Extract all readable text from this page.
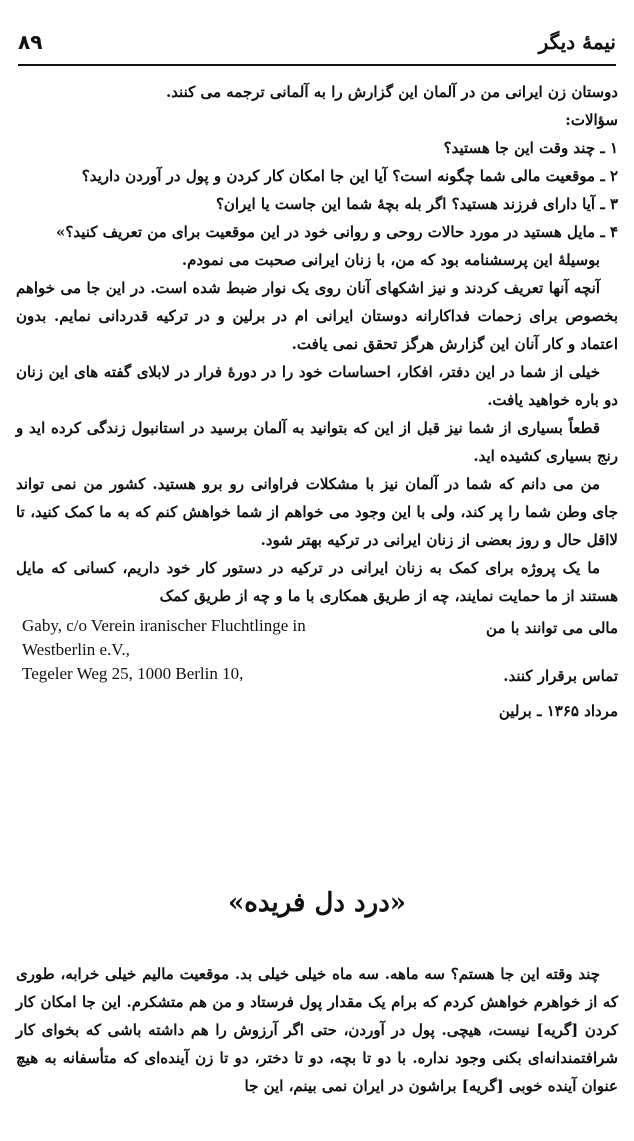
۸۹	نیمهٔ دیگر

دوستان زن ایرانی من در آلمان این گزارش را به آلمانی ترجمه می کنند.

سؤالات:

۱ ـ چند وقت این جا هستید؟

۲ ـ موقعیت مالی شما چگونه است؟ آیا این جا امکان کار کردن و پول در آوردن دارید؟

۳ ـ آیا دارای فرزند هستید؟ اگر بله بچهٔ شما این جاست یا ایران؟

۴ ـ مایل هستید در مورد حالات روحی و روانی خود در این موقعیت برای من تعریف کنید؟»

بوسیلهٔ این پرسشنامه بود که من، با زنان ایرانی صحبت می نمودم.

آنچه آنها تعریف کردند و نیز اشکهای آنان روی یک نوار ضبط شده است. در این جا می خواهم بخصوص برای زحمات فداکارانه دوستان ایرانی ام در برلین و در ترکیه قدردانی نمایم. بدون اعتماد و کار آنان این گزارش هرگز تحقق نمی یافت.

خیلی از شما در این دفتر، افکار، احساسات خود را در دورهٔ فرار در لابلای گفته های این زنان دو باره خواهید یافت.

قطعاً بسیاری از شما نیز قبل از این که بتوانید به آلمان برسید در استانبول زندگی کرده اید و رنج بسیاری کشیده اید.

من می دانم که شما در آلمان نیز با مشکلات فراوانی رو برو هستید. کشور من نمی تواند جای وطن شما را پر کند، ولی با این وجود می خواهم از شما خواهش کنم که به ما کمک کنید، تا لااقل حال و روز بعضی از زنان ایرانی در ترکیه بهتر شود.

ما یک پروژه برای کمک به زنان ایرانی در ترکیه در دستور کار خود داریم، کسانی که مایل هستند از ما حمایت نمایند، چه از طریق همکاری با ما و چه از طریق کمک

Gaby, c/o Verein iranischer Fluchtlinge in
Westberlin e.V.,
Tegeler Weg 25, 1000 Berlin 10,
مالی می توانند با من
تماس برقرار کنند.
مرداد ۱۳۶۵ ـ برلین
«درد دل فریده»

چند وقته این جا هستم؟ سه ماهه. سه ماه خیلی خیلی بد. موقعیت مالیم خیلی خرابه، طوری که از خواهرم خواهش کردم که برام یک مقدار پول فرستاد و من هم متشکرم. این جا امکان کار کردن [گریه] نیست، هیچی. پول در آوردن، حتی اگر آرزوش را هم داشته باشی که بخوای کار شرافتمندانه‌ای بکنی وجود نداره. با دو تا بچه، دو تا دختر، دو تا زن آینده‌ای که متأسفانه به هیچ عنوان آینده خوبی [گریه] براشون در ایران نمی بینم، این جا
